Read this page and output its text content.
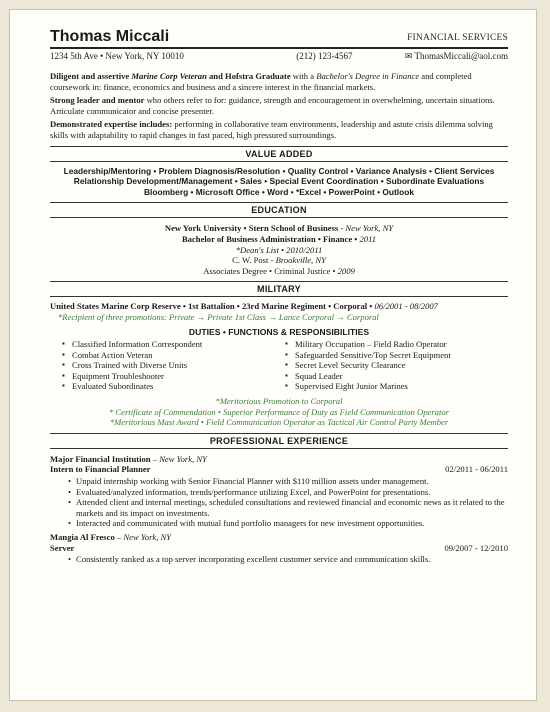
Thomas Miccali	FINANCIAL SERVICES
1234 5th Ave • New York, NY 10010	(212) 123-4567	✉ ThomasMiccali@aol.com

Diligent and assertive Marine Corp Veteran and Hofstra Graduate with a Bachelor's Degree in Finance and completed coursework in: finance, economics and business and a sincere interest in the financial markets.

Strong leader and mentor who others refer to for: guidance, strength and encouragement in overwhelming, uncertain situations. Articulate communicator and concise presenter.

Demonstrated expertise includes: performing in collaborative team environments, leadership and astute crisis dilemma solving skills with adaptability to rapid changes in fast paced, high pressured surroundings.

VALUE ADDED
Leadership/Mentoring • Problem Diagnosis/Resolution • Quality Control • Variance Analysis • Client Services
Relationship Development/Management • Sales • Special Event Coordination • Subordinate Evaluations
Bloomberg • Microsoft Office • Word • *Excel • PowerPoint • Outlook
EDUCATION
New York University • Stern School of Business - New York, NY
Bachelor of Business Administration • Finance • 2011
*Dean's List • 2010/2011
C. W. Post - Brookville, NY
Associates Degree • Criminal Justice • 2009
MILITARY
United States Marine Corp Reserve • 1st Battalion • 23rd Marine Regiment • Corporal • 06/2001 - 08/2007
*Recipient of three promotions: Private → Private 1st Class → Lance Corporal → Corporal
DUTIES • FUNCTIONS & RESPONSIBILITIES
▪ Classified Information Correspondent
▪ Combat Action Veteran
▪ Cross Trained with Diverse Units
▪ Equipment Troubleshooter
▪ Evaluated Subordinates
▪ Military Occupation – Field Radio Operator
▪ Safeguarded Sensitive/Top Secret Equipment
▪ Secret Level Security Clearance
▪ Squad Leader
▪ Supervised Eight Junior Marines
*Meritorious Promotion to Corporal
* Certificate of Commendation • Superior Performance of Duty as Field Communication Operator
*Meritorious Mast Award • Field Communication Operator as Tactical Air Control Party Member
PROFESSIONAL EXPERIENCE
Major Financial Institution – New York, NY
Intern to Financial Planner	02/2011 - 06/2011
• Unpaid internship working with Senior Financial Planner with $110 million assets under management.
• Evaluated/analyzed information, trends/performance utilizing Excel, and PowerPoint for presentations.
• Attended client and internal meetings, scheduled consultations and reviewed financial and economic news as it related to the markets and its impact on investments.
• Interacted and communicated with mutual fund portfolio managers for new investment opportunities.
Mangia Al Fresco – New York, NY
Server	09/2007 - 12/2010
• Consistently ranked as a top server incorporating excellent customer service and communication skills.
